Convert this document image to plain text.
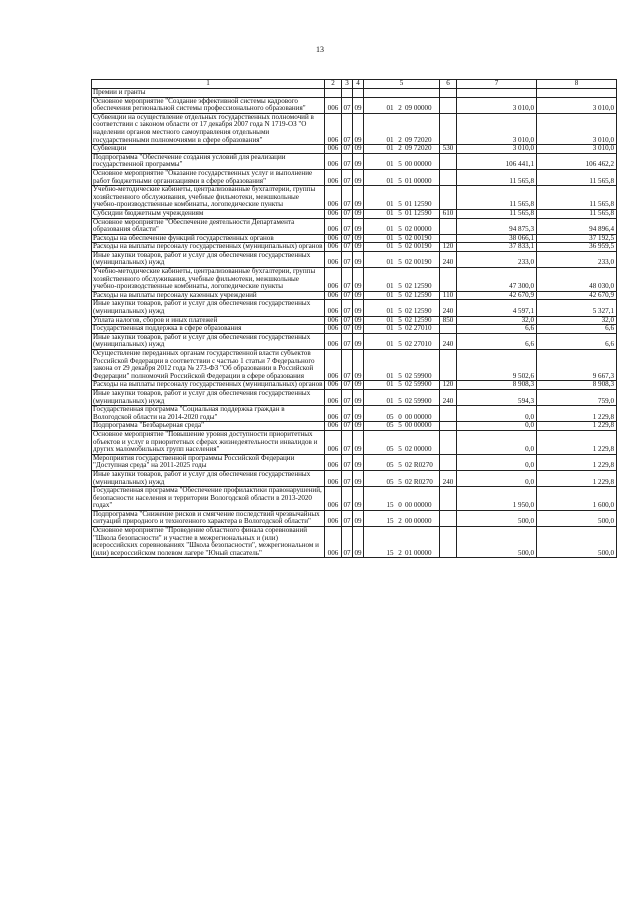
13
1	2	3	4	5	6	7	8
Премии и гранты							
Основное мероприятие "Создание эффективной системы кадрового обеспечения региональной системы профессионального образования"	006	07	09	01 2 09 00000		3 010,0	3 010,0
Субвенции на осуществление отдельных государственных полномочий в соответствии с законом области от 17 декабря 2007 года N 1719-ОЗ "О наделении органов местного самоуправления отдельными государственными полномочиями в сфере образования"	006	07	09	01 2 09 72020		3 010,0	3 010,0
Субвенции	006	07	09	01 2 09 72020	530	3 010,0	3 010,0
Подпрограмма "Обеспечение создания условий для реализации государственной программы"	006	07	09	01 5 00 00000		106 441,1	106 462,2
Основное мероприятие "Оказание государственных услуг и выполнение работ бюджетными организациями в сфере образования"	006	07	09	01 5 01 00000		11 565,8	11 565,8
Учебно-методические кабинеты, централизованные бухгалтерии, группы хозяйственного обслуживания, учебные фильмотеки, межшкольные учебно-производственные комбинаты, логопедические пункты	006	07	09	01 5 01 12590		11 565,8	11 565,8
Субсидии бюджетным учреждениям	006	07	09	01 5 01 12590	610	11 565,8	11 565,8
Основное мероприятие "Обеспечение деятельности Департамента образования области"	006	07	09	01 5 02 00000		94 875,3	94 896,4
Расходы на обеспечение функций государственных органов	006	07	09	01 5 02 00190		38 066,1	37 192,5
Расходы на выплаты персоналу государственных (муниципальных) органов	006	07	09	01 5 02 00190	120	37 833,1	36 959,5
Иные закупки товаров, работ и услуг для обеспечения государственных (муниципальных) нужд	006	07	09	01 5 02 00190	240	233,0	233,0
Учебно-методические кабинеты, централизованные бухгалтерии, группы хозяйственного обслуживания, учебные фильмотеки, межшкольные учебно-производственные комбинаты, логопедические пункты	006	07	09	01 5 02 12590		47 300,0	48 030,0
Расходы на выплаты персоналу казенных учреждений	006	07	09	01 5 02 12590	110	42 670,9	42 670,9
Иные закупки товаров, работ и услуг для обеспечения государственных (муниципальных) нужд	006	07	09	01 5 02 12590	240	4 597,1	5 327,1
Уплата налогов, сборов и иных платежей	006	07	09	01 5 02 12590	850	32,0	32,0
Государственная поддержка в сфере образования	006	07	09	01 5 02 27010		6,6	6,6
Иные закупки товаров, работ и услуг для обеспечения государственных (муниципальных) нужд	006	07	09	01 5 02 27010	240	6,6	6,6
Осуществление переданных органам государственной власти субъектов Российской Федерации в соответствии с частью 1 статьи 7 Федерального закона от 29 декабря 2012 года № 273-ФЗ "Об образовании в Российской Федерации" полномочий Российской Федерации в сфере образования	006	07	09	01 5 02 59900		9 502,6	9 667,3
Расходы на выплаты персоналу государственных (муниципальных) органов	006	07	09	01 5 02 59900	120	8 908,3	8 908,3
Иные закупки товаров, работ и услуг для обеспечения государственных (муниципальных) нужд	006	07	09	01 5 02 59900	240	594,3	759,0
Государственная программа "Социальная поддержка граждан в Вологодской области на 2014-2020 годы"	006	07	09	05 0 00 00000		0,0	1 229,8
Подпрограмма "Безбарьерная среда"	006	07	09	05 5 00 00000		0,0	1 229,8
Основное мероприятие "Повышение уровня доступности приоритетных объектов и услуг в приоритетных сферах жизнедеятельности инвалидов и других маломобильных групп населения"	006	07	09	05 5 02 00000		0,0	1 229,8
Мероприятия государственной программы Российской Федерации "Доступная среда" на 2011-2025 годы	006	07	09	05 5 02 R0270		0,0	1 229,8
Иные закупки товаров, работ и услуг для обеспечения государственных (муниципальных) нужд	006	07	09	05 5 02 R0270	240	0,0	1 229,8
Государственная программа "Обеспечение профилактики правонарушений, безопасности населения и территории Вологодской области в 2013-2020 годах"	006	07	09	15 0 00 00000		1 950,0	1 600,0
Подпрограмма "Снижение рисков и смягчение последствий чрезвычайных ситуаций природного и техногенного характера в Вологодской области"	006	07	09	15 2 00 00000		500,0	500,0
Основное мероприятие "Проведение областного финала соревнований "Школа безопасности" и участие в межрегиональных и (или) всероссийских соревнованиях "Школа безопасности", межрегиональном и (или) всероссийском полевом лагере "Юный спасатель"	006	07	09	15 2 01 00000		500,0	500,0
